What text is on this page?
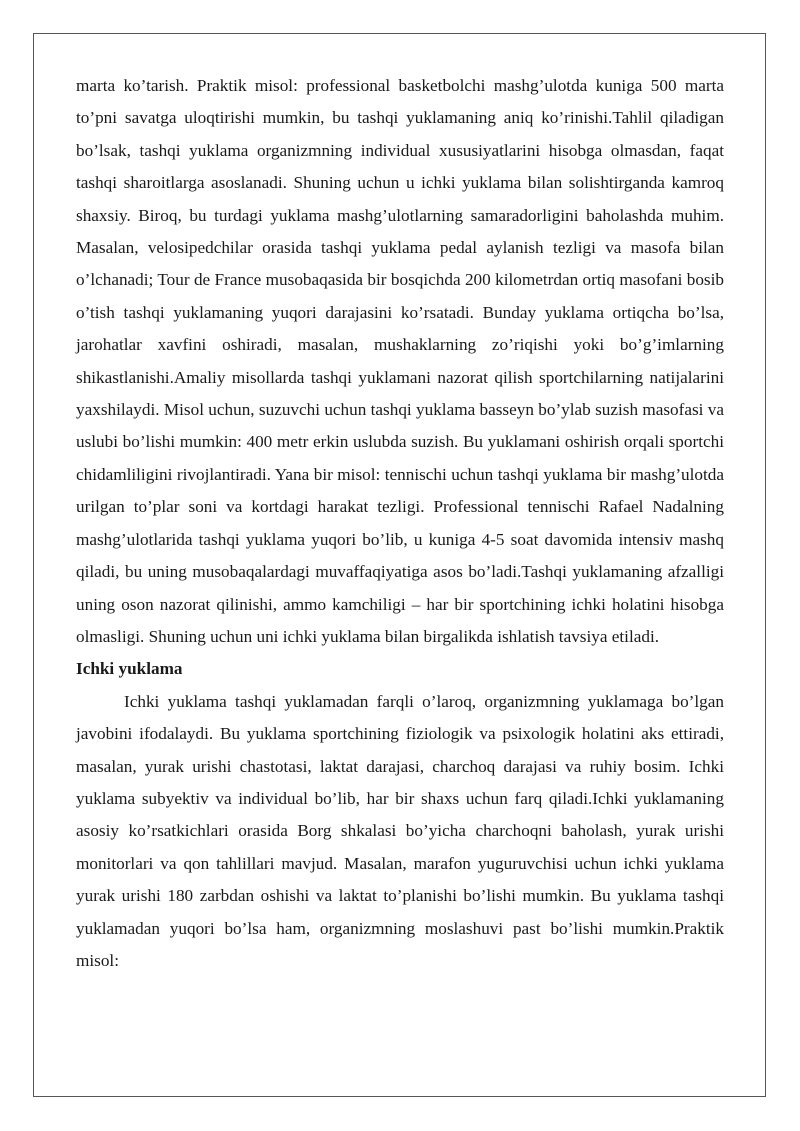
marta ko’tarish. Praktik misol: professional basketbolchi mashg’ulotda kuniga 500 marta to’pni savatga uloqtirishi mumkin, bu tashqi yuklamaning aniq ko’rinishi.Tahlil qiladigan bo’lsak, tashqi yuklama organizmning individual xususiyatlarini hisobga olmasdan, faqat tashqi sharoitlarga asoslanadi. Shuning uchun u ichki yuklama bilan solishtirganda kamroq shaxsiy. Biroq, bu turdagi yuklama mashg’ulotlarning samaradorligini baholashda muhim. Masalan, velosipedchilar orasida tashqi yuklama pedal aylanish tezligi va masofa bilan o’lchanadi; Tour de France musobaqasida bir bosqichda 200 kilometrdan ortiq masofani bosib o’tish tashqi yuklamaning yuqori darajasini ko’rsatadi. Bunday yuklama ortiqcha bo’lsa, jarohatlar xavfini oshiradi, masalan, mushaklarning zo’riqishi yoki bo’g’imlarning shikastlanishi.Amaliy misollarda tashqi yuklamani nazorat qilish sportchilarning natijalarini yaxshilaydi. Misol uchun, suzuvchi uchun tashqi yuklama basseyn bo’ylab suzish masofasi va uslubi bo’lishi mumkin: 400 metr erkin uslubda suzish. Bu yuklamani oshirish orqali sportchi chidamliligini rivojlantiradi. Yana bir misol: tennischi uchun tashqi yuklama bir mashg’ulotda urilgan to’plar soni va kortdagi harakat tezligi. Professional tennischi Rafael Nadalning mashg’ulotlarida tashqi yuklama yuqori bo’lib, u kuniga 4-5 soat davomida intensiv mashq qiladi, bu uning musobaqalardagi muvaffaqiyatiga asos bo’ladi.Tashqi yuklamaning afzalligi uning oson nazorat qilinishi, ammo kamchiligi – har bir sportchining ichki holatini hisobga olmasligi. Shuning uchun uni ichki yuklama bilan birgalikda ishlatish tavsiya etiladi.

Ichki yuklama

Ichki yuklama tashqi yuklamadan farqli o’laroq, organizmning yuklamaga bo’lgan javobini ifodalaydi. Bu yuklama sportchining fiziologik va psixologik holatini aks ettiradi, masalan, yurak urishi chastotasi, laktat darajasi, charchoq darajasi va ruhiy bosim. Ichki yuklama subyektiv va individual bo’lib, har bir shaxs uchun farq qiladi.Ichki yuklamaning asosiy ko’rsatkichlari orasida Borg shkalasi bo’yicha charchoqni baholash, yurak urishi monitorlari va qon tahlillari mavjud. Masalan, marafon yuguruvchisi uchun ichki yuklama yurak urishi 180 zarbdan oshishi va laktat to’planishi bo’lishi mumkin. Bu yuklama tashqi yuklamadan yuqori bo’lsa ham, organizmning moslashuvi past bo’lishi mumkin.Praktik misol:
